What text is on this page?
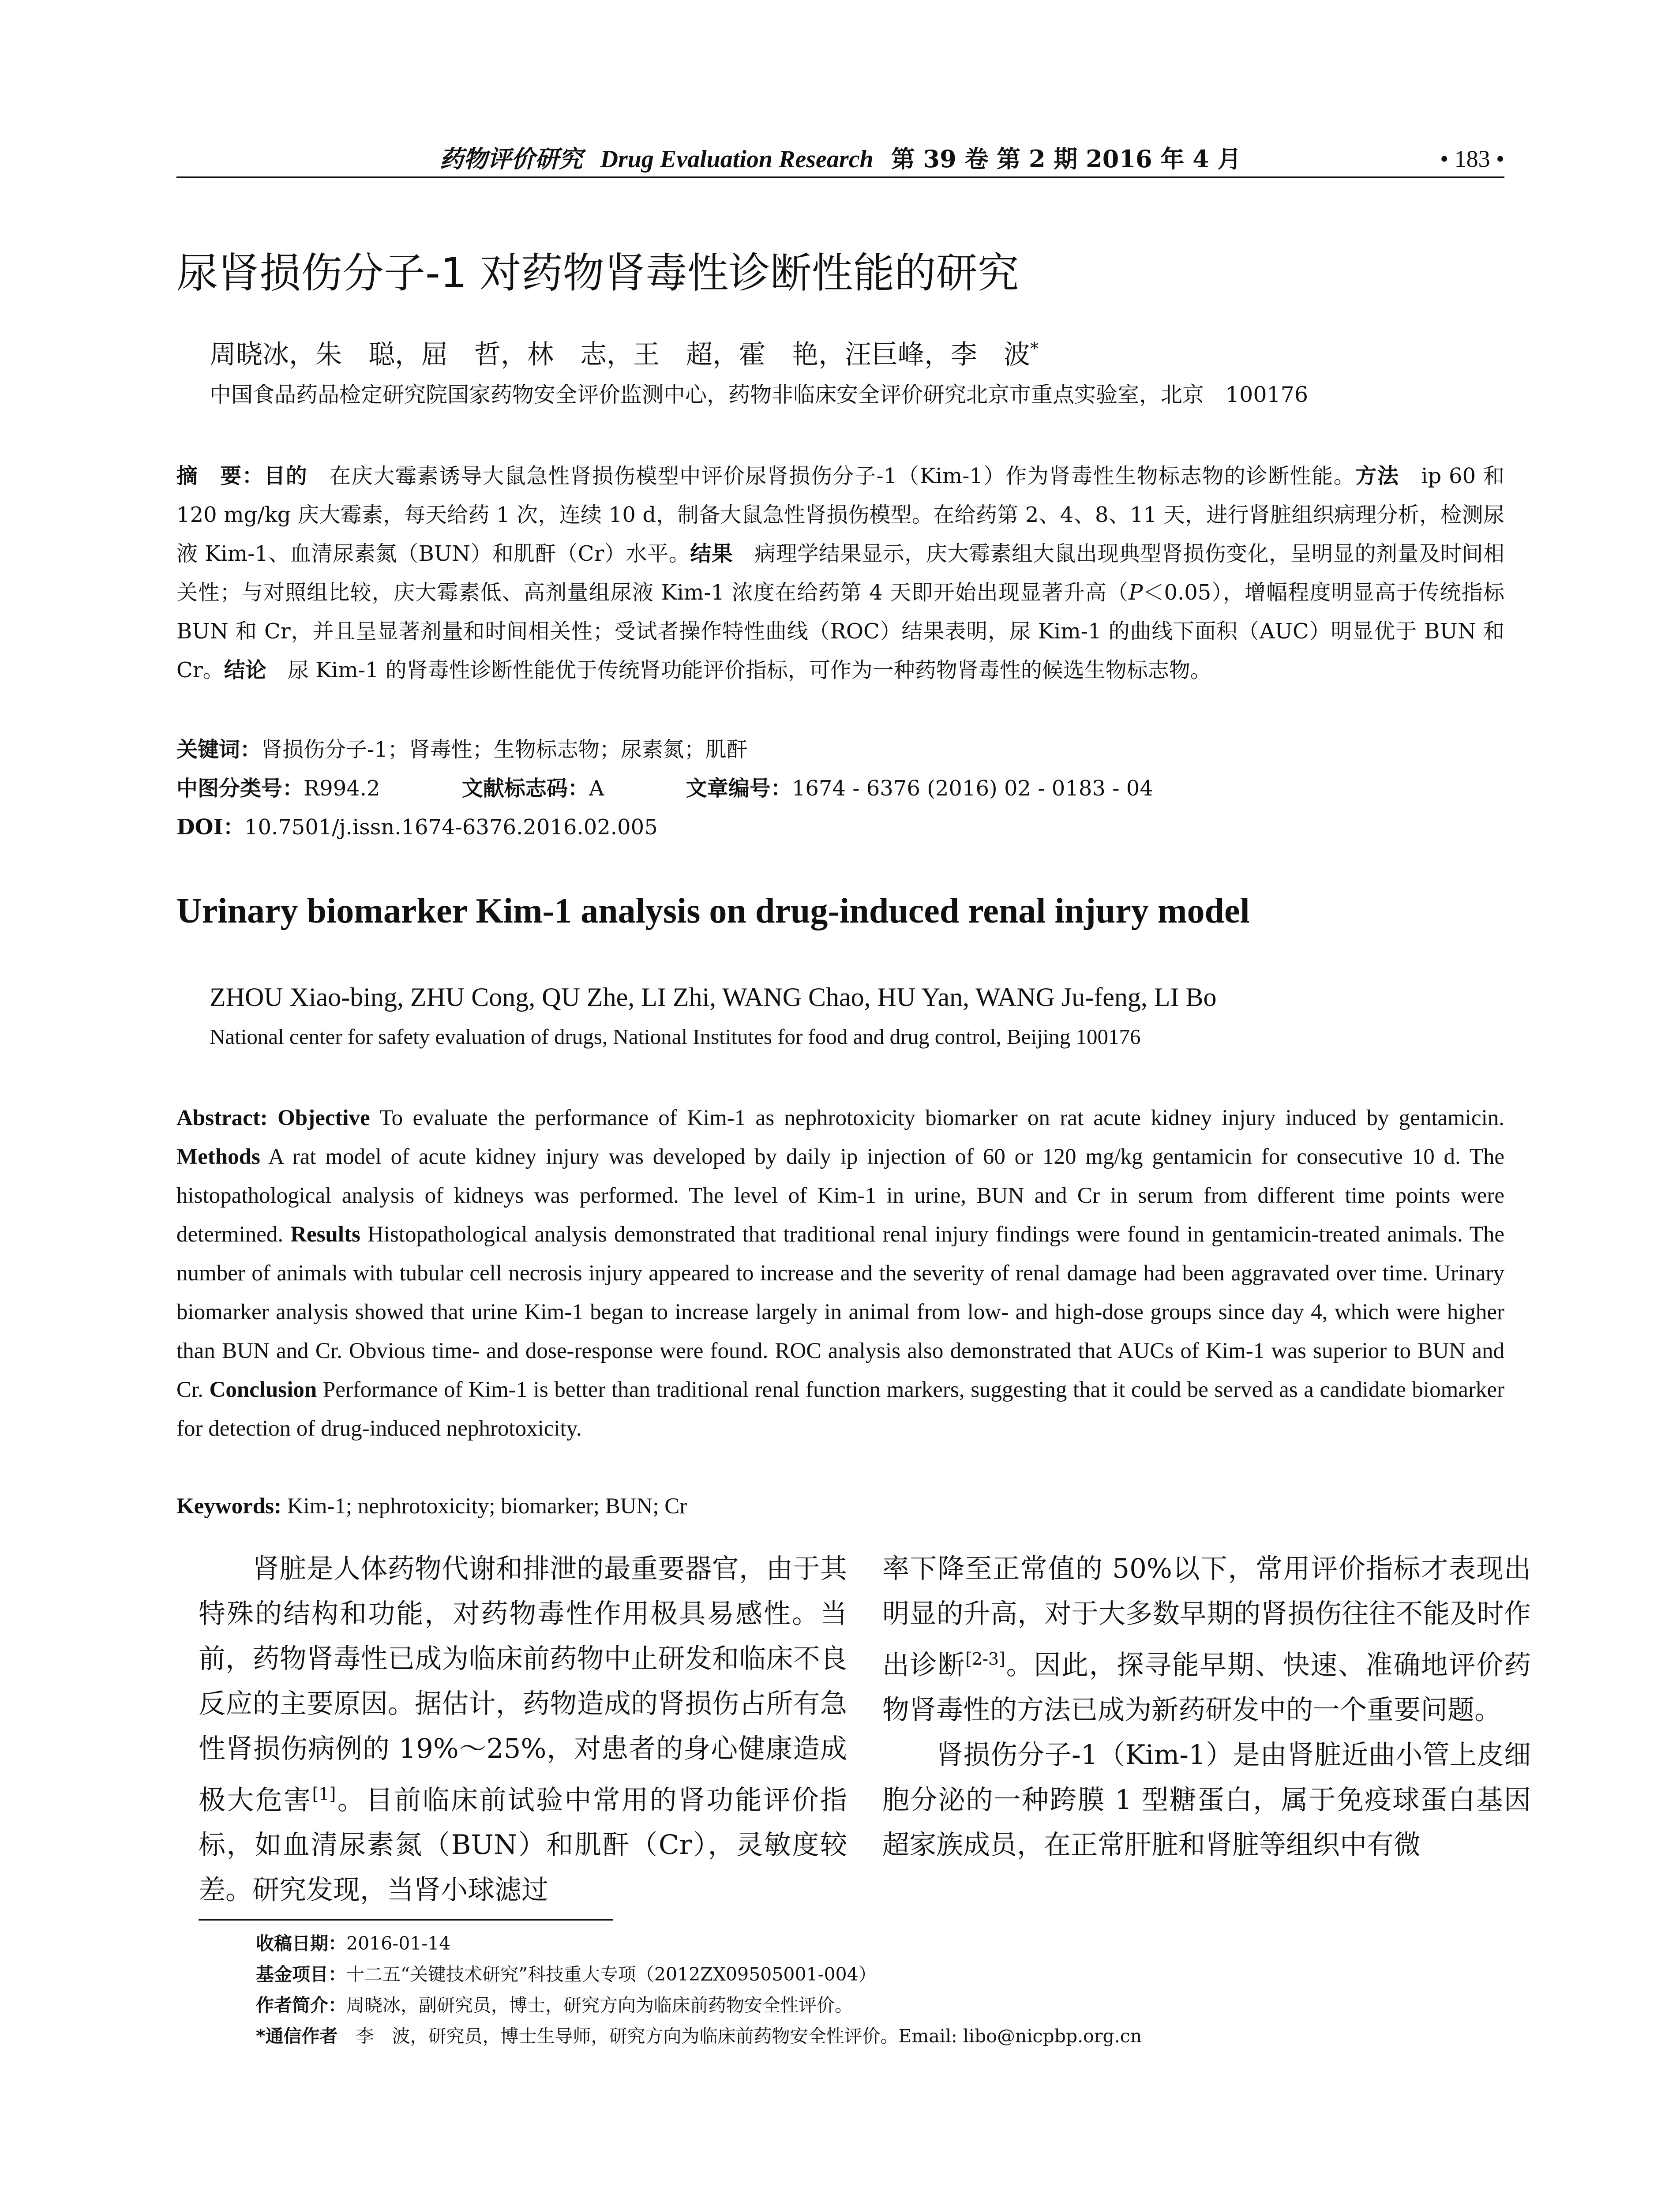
药物评价研究 Drug Evaluation Research 第 39 卷 第 2 期 2016 年 4 月	• 183 •
尿肾损伤分子-1 对药物肾毒性诊断性能的研究
周晓冰，朱　聪，屈　哲，林　志，王　超，霍　艳，汪巨峰，李　波*
中国食品药品检定研究院国家药物安全评价监测中心，药物非临床安全评价研究北京市重点实验室，北京　100176
摘　要：目的　在庆大霉素诱导大鼠急性肾损伤模型中评价尿肾损伤分子-1（Kim-1）作为肾毒性生物标志物的诊断性能。方法　ip 60 和 120 mg/kg 庆大霉素，每天给药 1 次，连续 10 d，制备大鼠急性肾损伤模型。在给药第 2、4、8、11 天，进行肾脏组织病理分析，检测尿液 Kim-1、血清尿素氮（BUN）和肌酐（Cr）水平。结果　病理学结果显示，庆大霉素组大鼠出现典型肾损伤变化，呈明显的剂量及时间相关性；与对照组比较，庆大霉素低、高剂量组尿液 Kim-1 浓度在给药第 4 天即开始出现显著升高（P＜0.05），增幅程度明显高于传统指标 BUN 和 Cr，并且呈显著剂量和时间相关性；受试者操作特性曲线（ROC）结果表明，尿 Kim-1 的曲线下面积（AUC）明显优于 BUN 和 Cr。结论　尿 Kim-1 的肾毒性诊断性能优于传统肾功能评价指标，可作为一种药物肾毒性的候选生物标志物。
关键词：肾损伤分子-1；肾毒性；生物标志物；尿素氮；肌酐
中图分类号：R994.2	文献标志码：A	文章编号：1674 - 6376 (2016) 02 - 0183 - 04
DOI：10.7501/j.issn.1674-6376.2016.02.005
Urinary biomarker Kim-1 analysis on drug-induced renal injury model
ZHOU Xiao-bing, ZHU Cong, QU Zhe, LI Zhi, WANG Chao, HU Yan, WANG Ju-feng, LI Bo
National center for safety evaluation of drugs, National Institutes for food and drug control, Beijing 100176
Abstract: Objective To evaluate the performance of Kim-1 as nephrotoxicity biomarker on rat acute kidney injury induced by gentamicin. Methods A rat model of acute kidney injury was developed by daily ip injection of 60 or 120 mg/kg gentamicin for consecutive 10 d. The histopathological analysis of kidneys was performed. The level of Kim-1 in urine, BUN and Cr in serum from different time points were determined. Results Histopathological analysis demonstrated that traditional renal injury findings were found in gentamicin-treated animals. The number of animals with tubular cell necrosis injury appeared to increase and the severity of renal damage had been aggravated over time. Urinary biomarker analysis showed that urine Kim-1 began to increase largely in animal from low- and high-dose groups since day 4, which were higher than BUN and Cr. Obvious time- and dose-response were found. ROC analysis also demonstrated that AUCs of Kim-1 was superior to BUN and Cr. Conclusion Performance of Kim-1 is better than traditional renal function markers, suggesting that it could be served as a candidate biomarker for detection of drug-induced nephrotoxicity.
Keywords: Kim-1; nephrotoxicity; biomarker; BUN; Cr

肾脏是人体药物代谢和排泄的最重要器官，由于其特殊的结构和功能，对药物毒性作用极具易感性。当前，药物肾毒性已成为临床前药物中止研发和临床不良反应的主要原因。据估计，药物造成的肾损伤占所有急性肾损伤病例的 19%～25%，对患者的身心健康造成极大危害[1]。目前临床前试验中常用的肾功能评价指标，如血清尿素氮（BUN）和肌酐（Cr），灵敏度较差。研究发现，当肾小球滤过

率下降至正常值的 50%以下，常用评价指标才表现出明显的升高，对于大多数早期的肾损伤往往不能及时作出诊断[2-3]。因此，探寻能早期、快速、准确地评价药物肾毒性的方法已成为新药研发中的一个重要问题。

肾损伤分子-1（Kim-1）是由肾脏近曲小管上皮细胞分泌的一种跨膜 1 型糖蛋白，属于免疫球蛋白基因超家族成员，在正常肝脏和肾脏等组织中有微

收稿日期：2016-01-14
基金项目：十二五“关键技术研究”科技重大专项（2012ZX09505001-004）
作者简介：周晓冰，副研究员，博士，研究方向为临床前药物安全性评价。
*通信作者　李　波，研究员，博士生导师，研究方向为临床前药物安全性评价。Email: libo@nicpbp.org.cn
